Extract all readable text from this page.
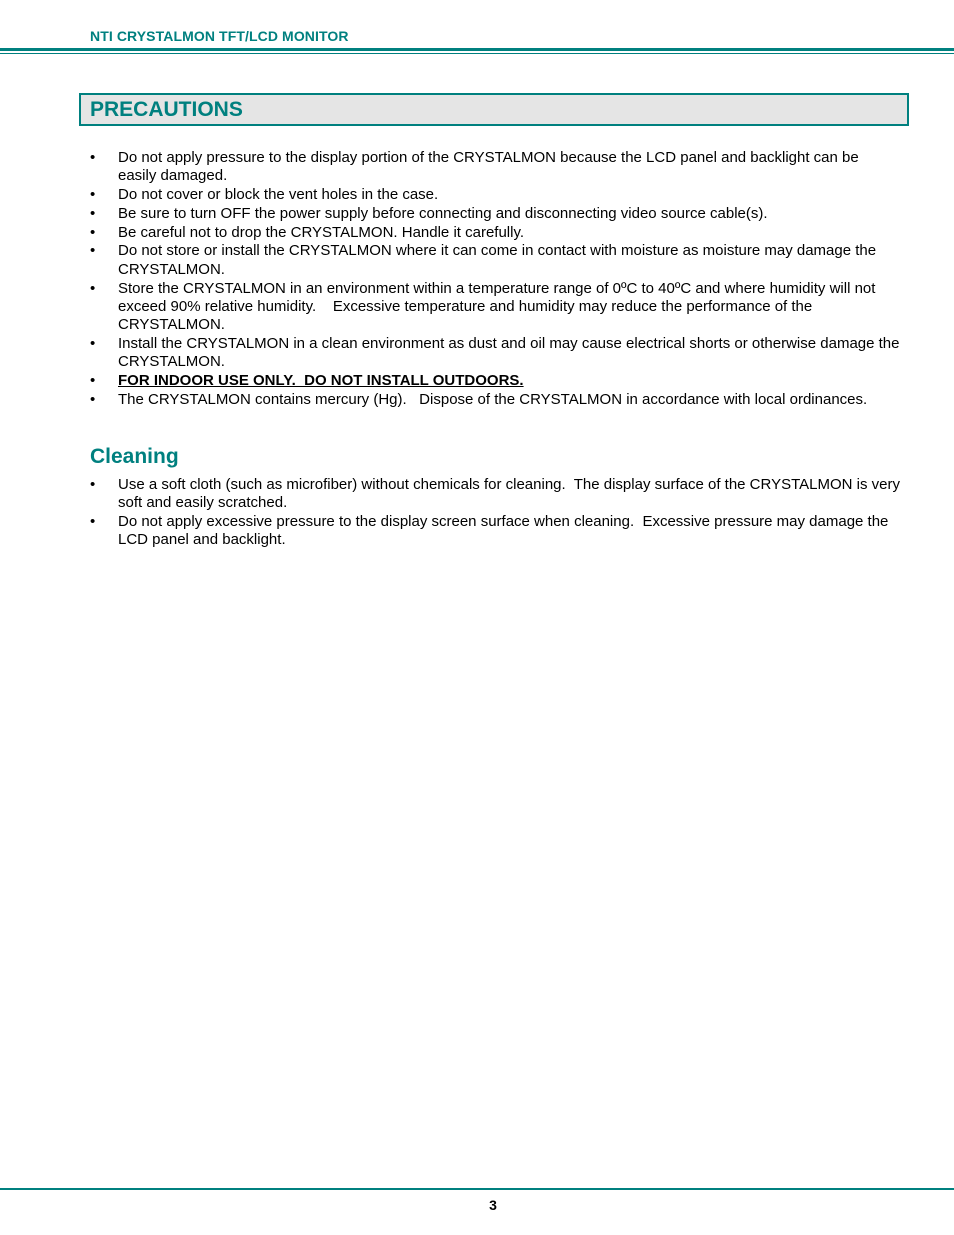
NTI CRYSTALMON TFT/LCD MONITOR
PRECAUTIONS
• Do not apply pressure to the display portion of the CRYSTALMON because the LCD panel and backlight can be easily damaged.
• Do not cover or block the vent holes in the case.
• Be sure to turn OFF the power supply before connecting and disconnecting video source cable(s).
• Be careful not to drop the CRYSTALMON. Handle it carefully.
• Do not store or install the CRYSTALMON where it can come in contact with moisture as moisture may damage the CRYSTALMON.
• Store the CRYSTALMON in an environment within a temperature range of 0ºC to 40ºC and where humidity will not exceed 90% relative humidity.    Excessive temperature and humidity may reduce the performance of the CRYSTALMON.
• Install the CRYSTALMON in a clean environment as dust and oil may cause electrical shorts or otherwise damage the CRYSTALMON.
• FOR INDOOR USE ONLY.  DO NOT INSTALL OUTDOORS.
• The CRYSTALMON contains mercury (Hg).   Dispose of the CRYSTALMON in accordance with local ordinances.
Cleaning
• Use a soft cloth (such as microfiber) without chemicals for cleaning.  The display surface of the CRYSTALMON is very soft and easily scratched.
• Do not apply excessive pressure to the display screen surface when cleaning.  Excessive pressure may damage the LCD panel and backlight.
3
